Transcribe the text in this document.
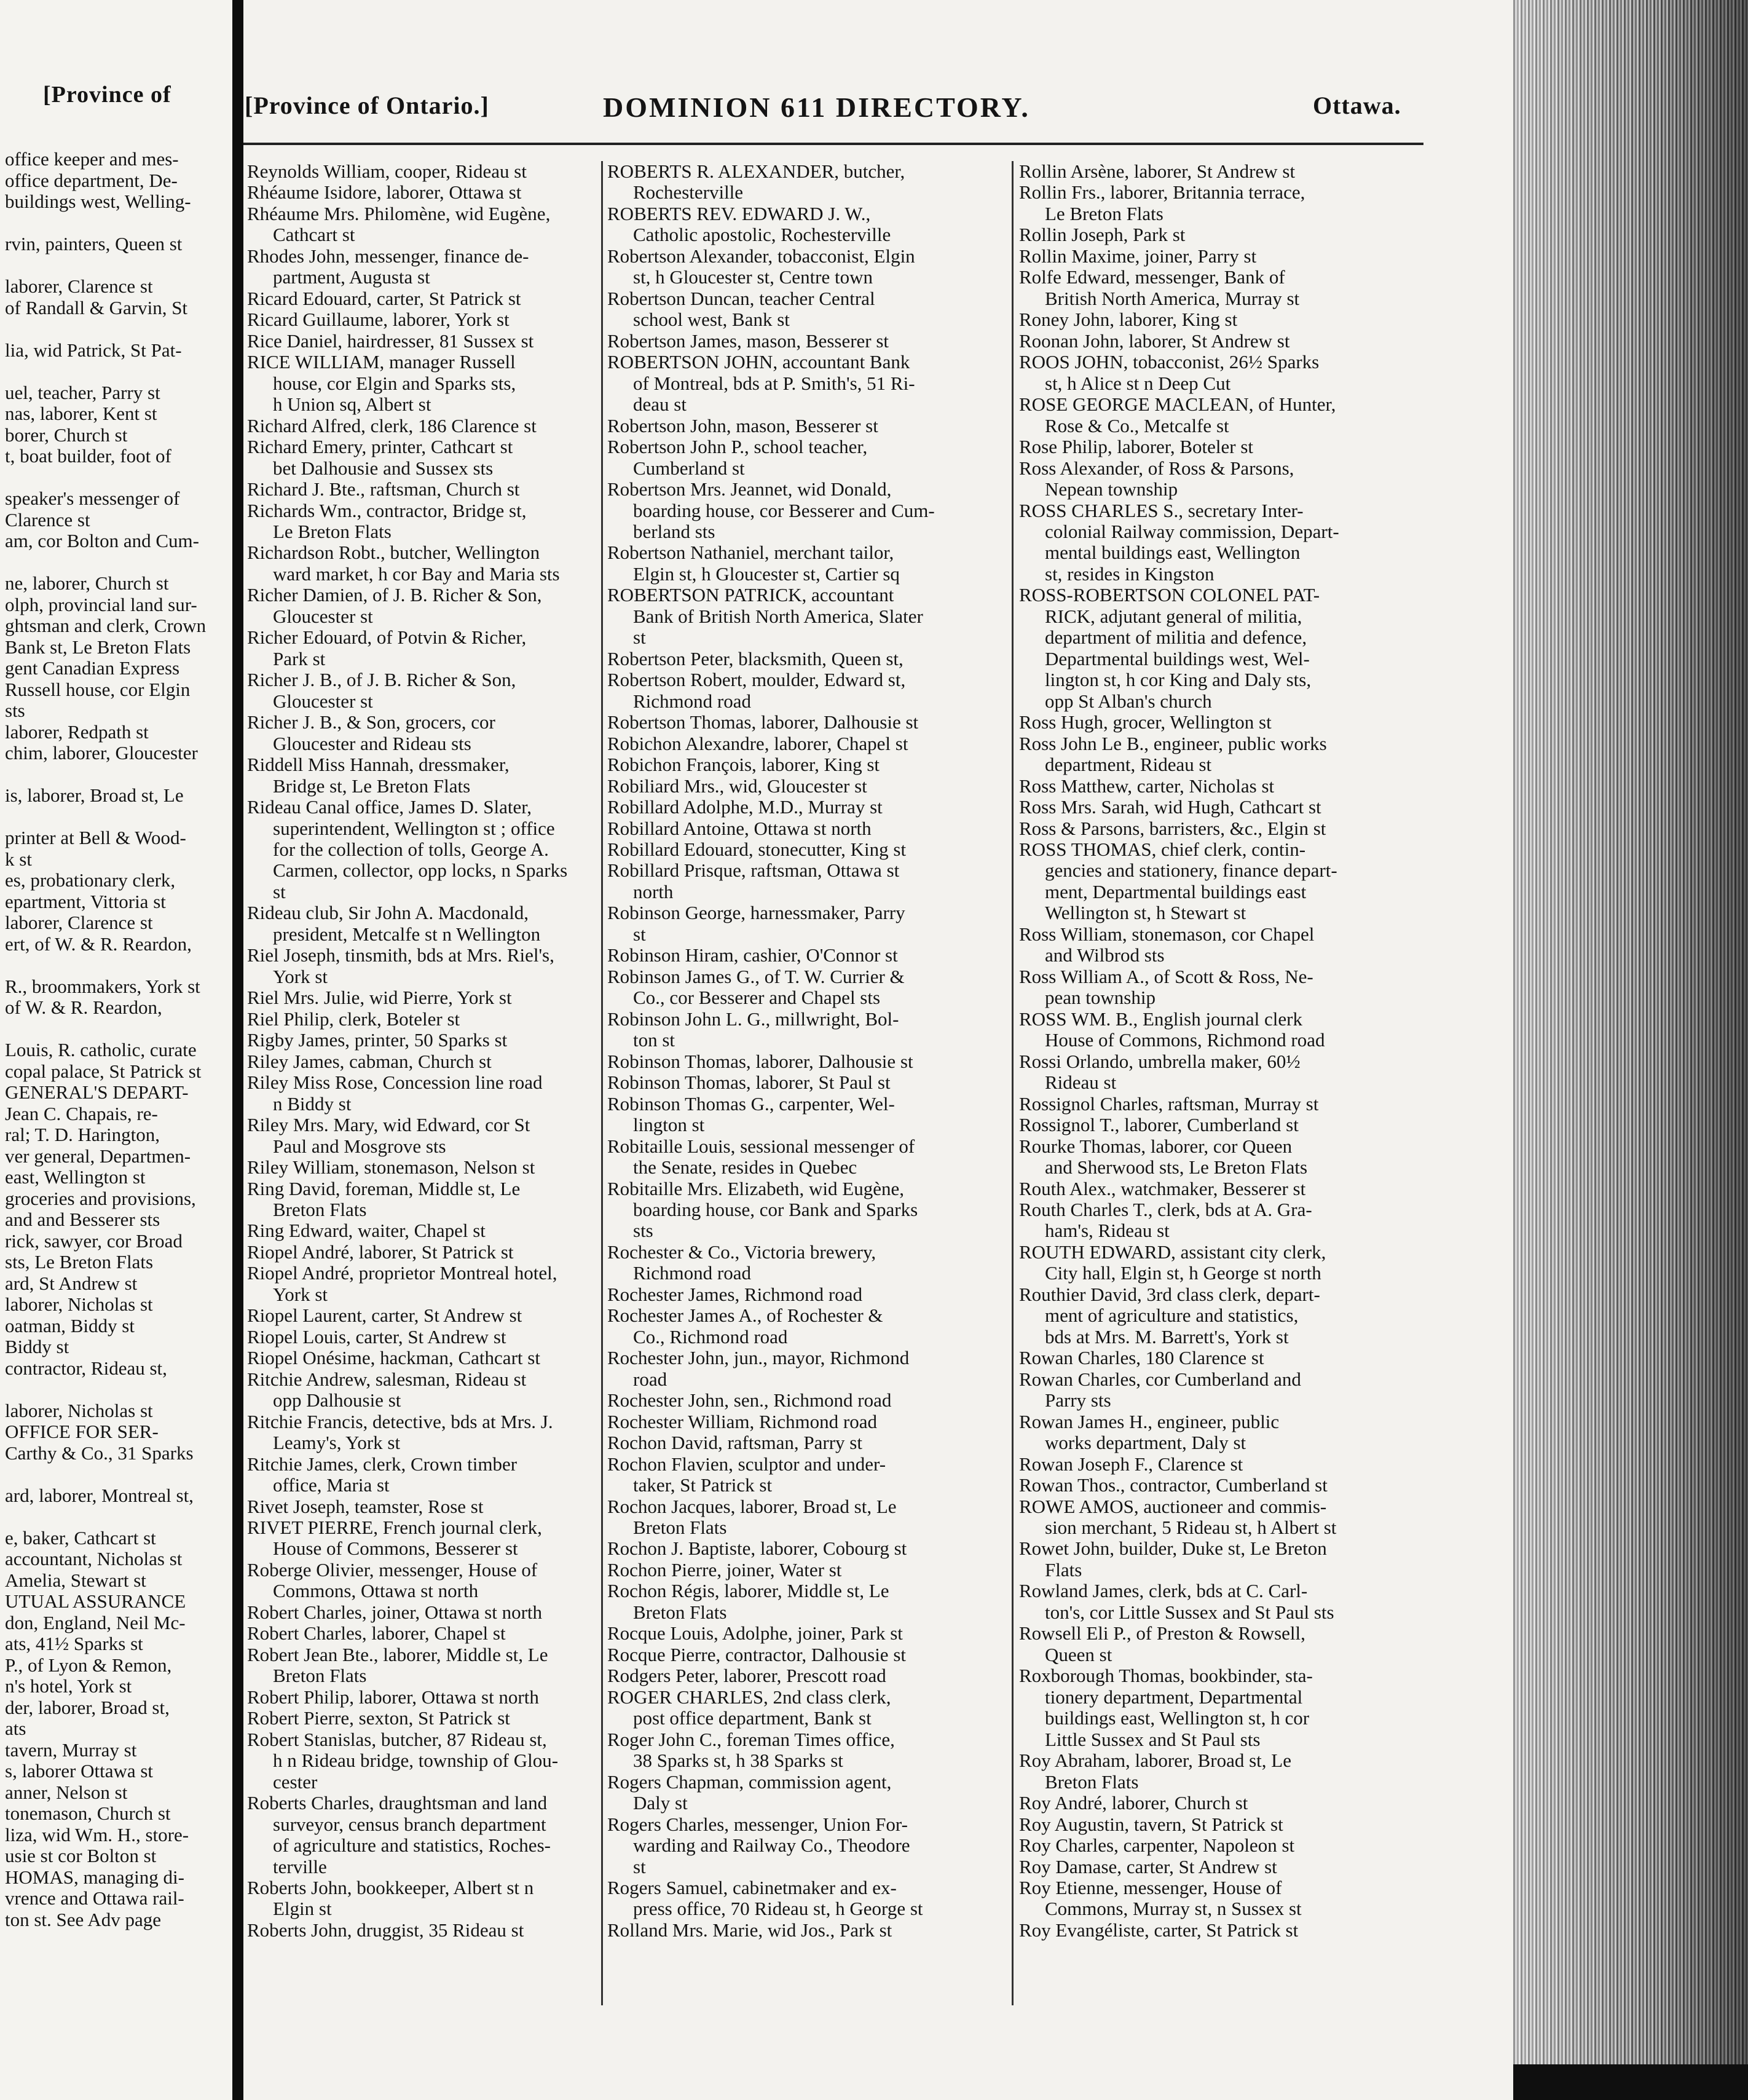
[Province of
office keeper and mes-
office department, De-
buildings west, Welling-
rvin, painters, Queen st
laborer, Clarence st
of Randall & Garvin, St
lia, wid Patrick, St Pat-
uel, teacher, Parry st
nas, laborer, Kent st
borer, Church st
t, boat builder, foot of
speaker's messenger of
Clarence st
am, cor Bolton and Cum-
ne, laborer, Church st
olph, provincial land sur-
ghtsman and clerk, Crown
Bank st, Le Breton Flats
gent Canadian Express
Russell house, cor Elgin
sts
laborer, Redpath st
chim, laborer, Gloucester
is, laborer, Broad st, Le
printer at Bell & Wood-
k st
es, probationary clerk,
epartment, Vittoria st
laborer, Clarence st
ert, of W. & R. Reardon,
R., broommakers, York st
of W. & R. Reardon,
Louis, R. catholic, curate
copal palace, St Patrick st
GENERAL'S DEPART-
Jean C. Chapais, re-
ral; T. D. Harington,
ver general, Departmen-
east, Wellington st
groceries and provisions,
and and Besserer sts
rick, sawyer, cor Broad
sts, Le Breton Flats
ard, St Andrew st
laborer, Nicholas st
oatman, Biddy st
Biddy st
contractor, Rideau st,
laborer, Nicholas st
OFFICE FOR SER-
Carthy & Co., 31 Sparks
ard, laborer, Montreal st,
e, baker, Cathcart st
accountant, Nicholas st
Amelia, Stewart st
UTUAL ASSURANCE
don, England, Neil Mc-
ats, 41½ Sparks st
P., of Lyon & Remon,
n's hotel, York st
der, laborer, Broad st,
ats
tavern, Murray st
s, laborer Ottawa st
anner, Nelson st
tonemason, Church st
liza, wid Wm. H., store-
usie st cor Bolton st
HOMAS, managing di-
vrence and Ottawa rail-
ton st. See Adv page
[Province of Ontario.]	DOMINION 611 DIRECTORY.	Ottawa.
Reynolds William, cooper, Rideau st
Rhéaume Isidore, laborer, Ottawa st
Rhéaume Mrs. Philomène, wid Eugène,
Cathcart st
Rhodes John, messenger, finance de-
partment, Augusta st
Ricard Edouard, carter, St Patrick st
Ricard Guillaume, laborer, York st
Rice Daniel, hairdresser, 81 Sussex st
RICE WILLIAM, manager Russell
house, cor Elgin and Sparks sts,
h Union sq, Albert st
Richard Alfred, clerk, 186 Clarence st
Richard Emery, printer, Cathcart st
bet Dalhousie and Sussex sts
Richard J. Bte., raftsman, Church st
Richards Wm., contractor, Bridge st,
Le Breton Flats
Richardson Robt., butcher, Wellington
ward market, h cor Bay and Maria sts
Richer Damien, of J. B. Richer & Son,
Gloucester st
Richer Edouard, of Potvin & Richer,
Park st
Richer J. B., of J. B. Richer & Son,
Gloucester st
Richer J. B., & Son, grocers, cor
Gloucester and Rideau sts
Riddell Miss Hannah, dressmaker,
Bridge st, Le Breton Flats
Rideau Canal office, James D. Slater,
superintendent, Wellington st ; office
for the collection of tolls, George A.
Carmen, collector, opp locks, n Sparks
st
Rideau club, Sir John A. Macdonald,
president, Metcalfe st n Wellington
Riel Joseph, tinsmith, bds at Mrs. Riel's,
York st
Riel Mrs. Julie, wid Pierre, York st
Riel Philip, clerk, Boteler st
Rigby James, printer, 50 Sparks st
Riley James, cabman, Church st
Riley Miss Rose, Concession line road
n Biddy st
Riley Mrs. Mary, wid Edward, cor St
Paul and Mosgrove sts
Riley William, stonemason, Nelson st
Ring David, foreman, Middle st, Le
Breton Flats
Ring Edward, waiter, Chapel st
Riopel André, laborer, St Patrick st
Riopel André, proprietor Montreal hotel,
York st
Riopel Laurent, carter, St Andrew st
Riopel Louis, carter, St Andrew st
Riopel Onésime, hackman, Cathcart st
Ritchie Andrew, salesman, Rideau st
opp Dalhousie st
Ritchie Francis, detective, bds at Mrs. J.
Leamy's, York st
Ritchie James, clerk, Crown timber
office, Maria st
Rivet Joseph, teamster, Rose st
RIVET PIERRE, French journal clerk,
House of Commons, Besserer st
Roberge Olivier, messenger, House of
Commons, Ottawa st north
Robert Charles, joiner, Ottawa st north
Robert Charles, laborer, Chapel st
Robert Jean Bte., laborer, Middle st, Le
Breton Flats
Robert Philip, laborer, Ottawa st north
Robert Pierre, sexton, St Patrick st
Robert Stanislas, butcher, 87 Rideau st,
h n Rideau bridge, township of Glou-
cester
Roberts Charles, draughtsman and land
surveyor, census branch department
of agriculture and statistics, Roches-
terville
Roberts John, bookkeeper, Albert st n
Elgin st
Roberts John, druggist, 35 Rideau st
ROBERTS R. ALEXANDER, butcher,
Rochesterville
ROBERTS REV. EDWARD J. W.,
Catholic apostolic, Rochesterville
Robertson Alexander, tobacconist, Elgin
st, h Gloucester st, Centre town
Robertson Duncan, teacher Central
school west, Bank st
Robertson James, mason, Besserer st
ROBERTSON JOHN, accountant Bank
of Montreal, bds at P. Smith's, 51 Ri-
deau st
Robertson John, mason, Besserer st
Robertson John P., school teacher,
Cumberland st
Robertson Mrs. Jeannet, wid Donald,
boarding house, cor Besserer and Cum-
berland sts
Robertson Nathaniel, merchant tailor,
Elgin st, h Gloucester st, Cartier sq
ROBERTSON PATRICK, accountant
Bank of British North America, Slater
st
Robertson Peter, blacksmith, Queen st,
Robertson Robert, moulder, Edward st,
Richmond road
Robertson Thomas, laborer, Dalhousie st
Robichon Alexandre, laborer, Chapel st
Robichon François, laborer, King st
Robiliard Mrs., wid, Gloucester st
Robillard Adolphe, M.D., Murray st
Robillard Antoine, Ottawa st north
Robillard Edouard, stonecutter, King st
Robillard Prisque, raftsman, Ottawa st
north
Robinson George, harnessmaker, Parry
st
Robinson Hiram, cashier, O'Connor st
Robinson James G., of T. W. Currier &
Co., cor Besserer and Chapel sts
Robinson John L. G., millwright, Bol-
ton st
Robinson Thomas, laborer, Dalhousie st
Robinson Thomas, laborer, St Paul st
Robinson Thomas G., carpenter, Wel-
lington st
Robitaille Louis, sessional messenger of
the Senate, resides in Quebec
Robitaille Mrs. Elizabeth, wid Eugène,
boarding house, cor Bank and Sparks
sts
Rochester & Co., Victoria brewery,
Richmond road
Rochester James, Richmond road
Rochester James A., of Rochester &
Co., Richmond road
Rochester John, jun., mayor, Richmond
road
Rochester John, sen., Richmond road
Rochester William, Richmond road
Rochon David, raftsman, Parry st
Rochon Flavien, sculptor and under-
taker, St Patrick st
Rochon Jacques, laborer, Broad st, Le
Breton Flats
Rochon J. Baptiste, laborer, Cobourg st
Rochon Pierre, joiner, Water st
Rochon Régis, laborer, Middle st, Le
Breton Flats
Rocque Louis, Adolphe, joiner, Park st
Rocque Pierre, contractor, Dalhousie st
Rodgers Peter, laborer, Prescott road
ROGER CHARLES, 2nd class clerk,
post office department, Bank st
Roger John C., foreman Times office,
38 Sparks st, h 38 Sparks st
Rogers Chapman, commission agent,
Daly st
Rogers Charles, messenger, Union For-
warding and Railway Co., Theodore
st
Rogers Samuel, cabinetmaker and ex-
press office, 70 Rideau st, h George st
Rolland Mrs. Marie, wid Jos., Park st
Rollin Arsène, laborer, St Andrew st
Rollin Frs., laborer, Britannia terrace,
Le Breton Flats
Rollin Joseph, Park st
Rollin Maxime, joiner, Parry st
Rolfe Edward, messenger, Bank of
British North America, Murray st
Roney John, laborer, King st
Roonan John, laborer, St Andrew st
ROOS JOHN, tobacconist, 26½ Sparks
st, h Alice st n Deep Cut
ROSE GEORGE MACLEAN, of Hunter,
Rose & Co., Metcalfe st
Rose Philip, laborer, Boteler st
Ross Alexander, of Ross & Parsons,
Nepean township
ROSS CHARLES S., secretary Inter-
colonial Railway commission, Depart-
mental buildings east, Wellington
st, resides in Kingston
ROSS-ROBERTSON COLONEL PAT-
RICK, adjutant general of militia,
department of militia and defence,
Departmental buildings west, Wel-
lington st, h cor King and Daly sts,
opp St Alban's church
Ross Hugh, grocer, Wellington st
Ross John Le B., engineer, public works
department, Rideau st
Ross Matthew, carter, Nicholas st
Ross Mrs. Sarah, wid Hugh, Cathcart st
Ross & Parsons, barristers, &c., Elgin st
ROSS THOMAS, chief clerk, contin-
gencies and stationery, finance depart-
ment, Departmental buildings east
Wellington st, h Stewart st
Ross William, stonemason, cor Chapel
and Wilbrod sts
Ross William A., of Scott & Ross, Ne-
pean township
ROSS WM. B., English journal clerk
House of Commons, Richmond road
Rossi Orlando, umbrella maker, 60½
Rideau st
Rossignol Charles, raftsman, Murray st
Rossignol T., laborer, Cumberland st
Rourke Thomas, laborer, cor Queen
and Sherwood sts, Le Breton Flats
Routh Alex., watchmaker, Besserer st
Routh Charles T., clerk, bds at A. Gra-
ham's, Rideau st
ROUTH EDWARD, assistant city clerk,
City hall, Elgin st, h George st north
Routhier David, 3rd class clerk, depart-
ment of agriculture and statistics,
bds at Mrs. M. Barrett's, York st
Rowan Charles, 180 Clarence st
Rowan Charles, cor Cumberland and
Parry sts
Rowan James H., engineer, public
works department, Daly st
Rowan Joseph F., Clarence st
Rowan Thos., contractor, Cumberland st
ROWE AMOS, auctioneer and commis-
sion merchant, 5 Rideau st, h Albert st
Rowet John, builder, Duke st, Le Breton
Flats
Rowland James, clerk, bds at C. Carl-
ton's, cor Little Sussex and St Paul sts
Rowsell Eli P., of Preston & Rowsell,
Queen st
Roxborough Thomas, bookbinder, sta-
tionery department, Departmental
buildings east, Wellington st, h cor
Little Sussex and St Paul sts
Roy Abraham, laborer, Broad st, Le
Breton Flats
Roy André, laborer, Church st
Roy Augustin, tavern, St Patrick st
Roy Charles, carpenter, Napoleon st
Roy Damase, carter, St Andrew st
Roy Etienne, messenger, House of
Commons, Murray st, n Sussex st
Roy Evangéliste, carter, St Patrick st
